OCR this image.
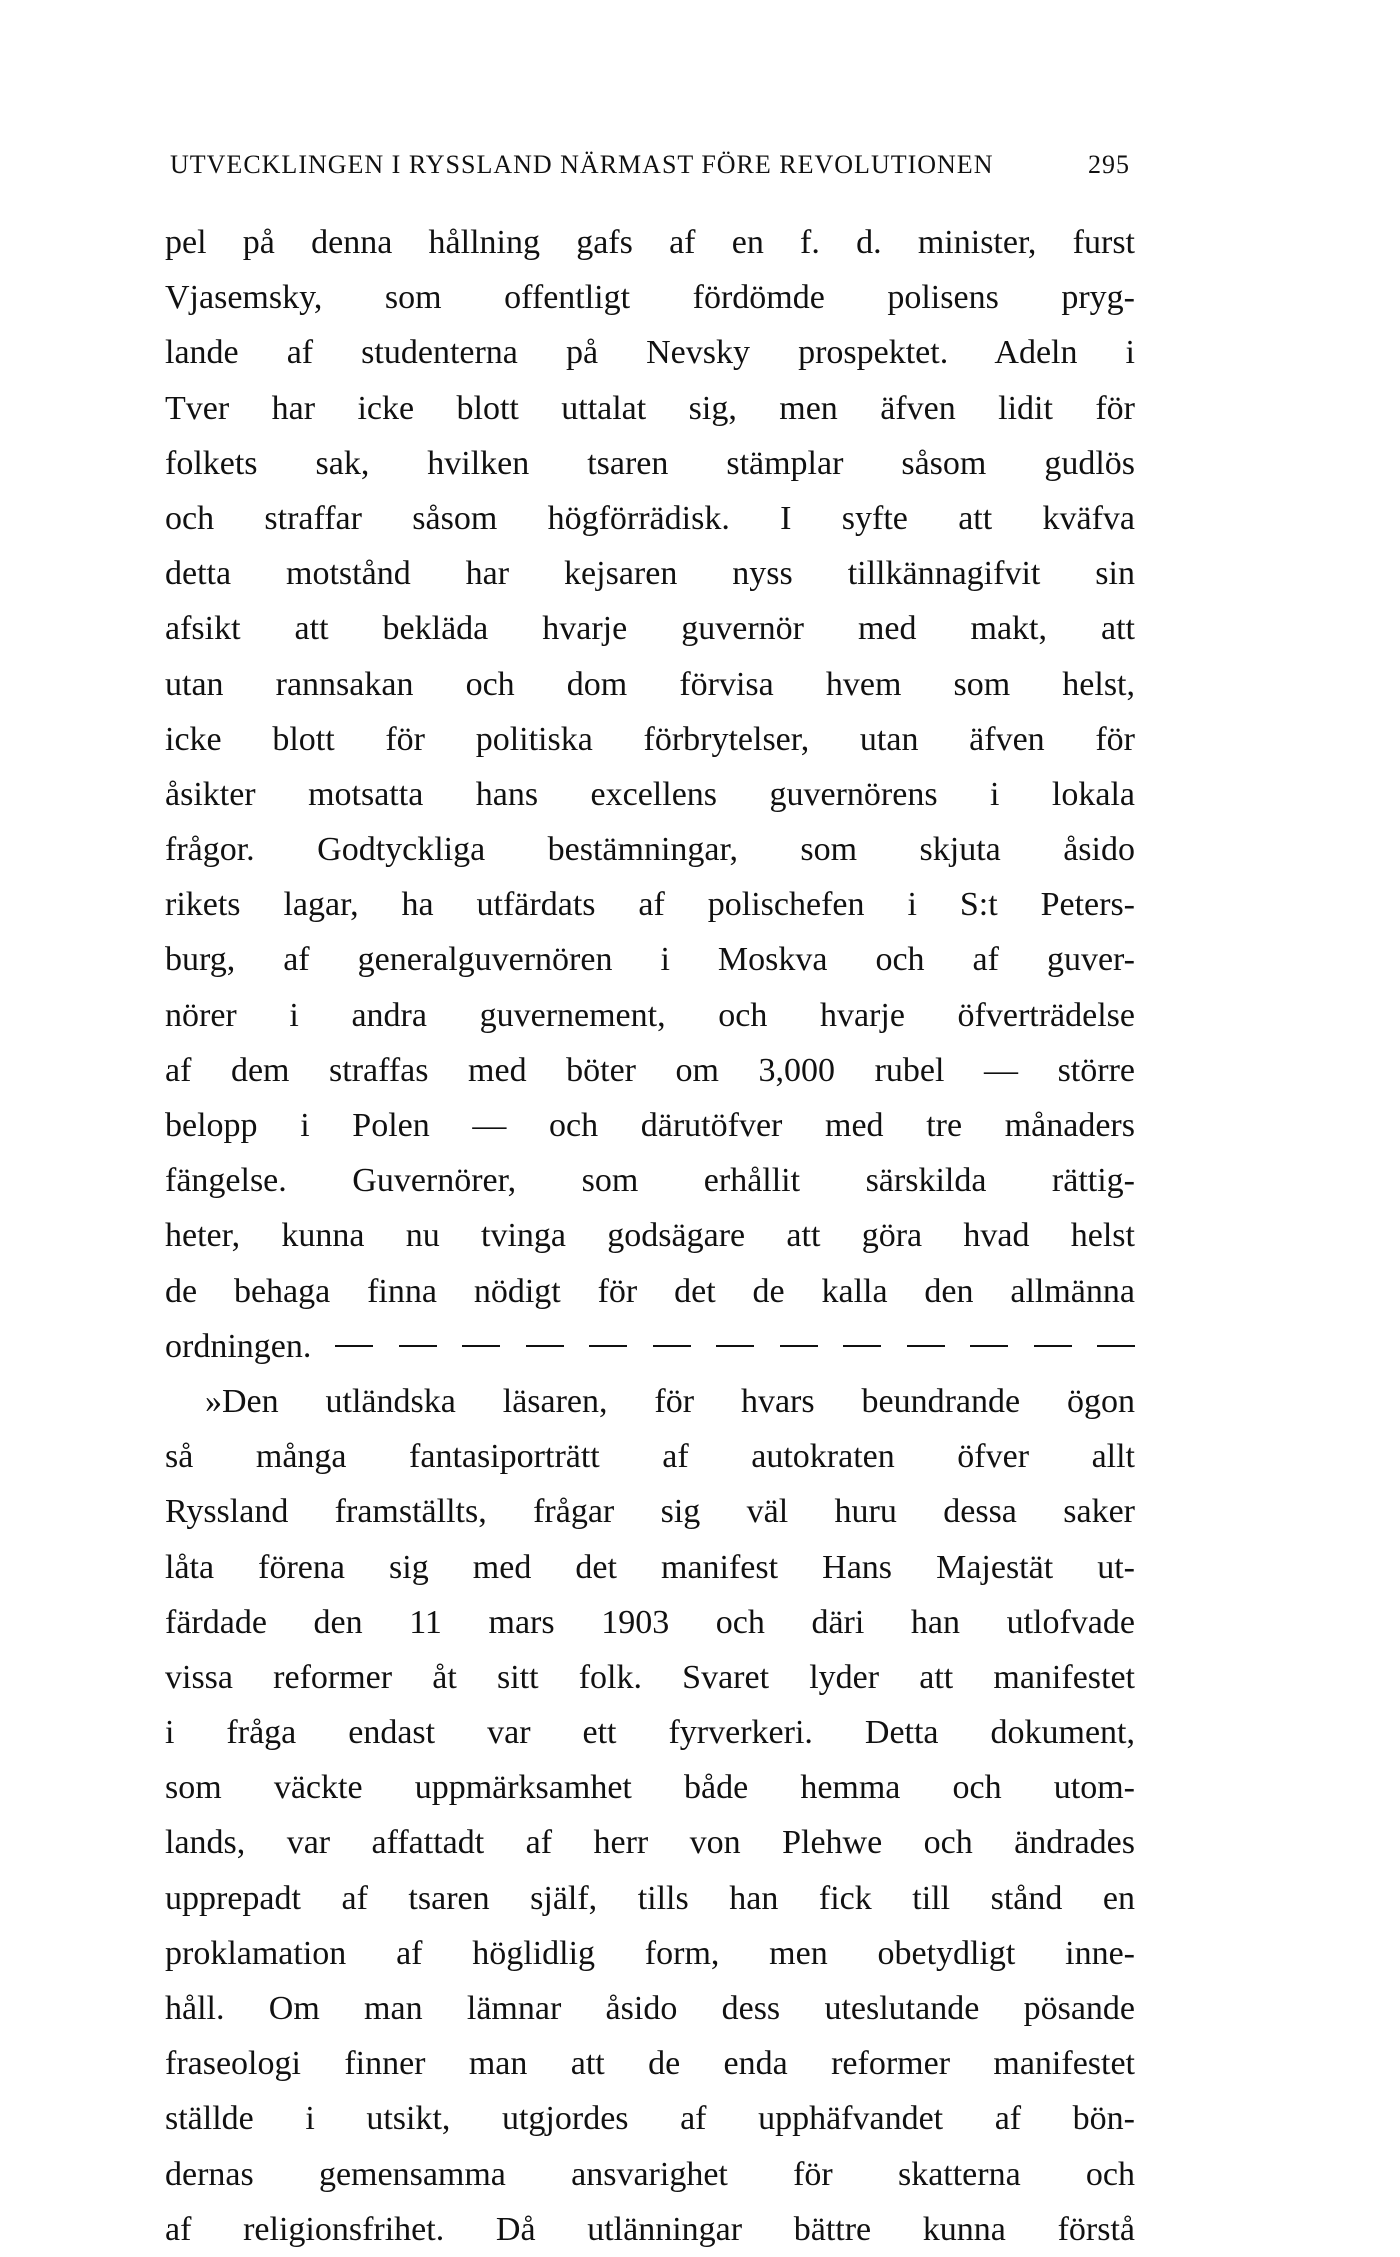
UTVECKLINGEN I RYSSLAND NÄRMAST FÖRE REVOLUTIONEN	295
pel på denna hållning gafs af en f. d. minister, furst
Vjasemsky, som offentligt fördömde polisens pryg-
lande af studenterna på Nevsky prospektet. Adeln i
Tver har icke blott uttalat sig, men äfven lidit för
folkets sak, hvilken tsaren stämplar såsom gudlös
och straffar såsom högförrädisk. I syfte att kväfva
detta motstånd har kejsaren nyss tillkännagifvit sin
afsikt att bekläda hvarje guvernör med makt, att
utan rannsakan och dom förvisa hvem som helst,
icke blott för politiska förbrytelser, utan äfven för
åsikter motsatta hans excellens guvernörens i lokala
frågor. Godtyckliga bestämningar, som skjuta åsido
rikets lagar, ha utfärdats af polischefen i S:t Peters-
burg, af generalguvernören i Moskva och af guver-
nörer i andra guvernement, och hvarje öfverträdelse
af dem straffas med böter om 3,000 rubel — större
belopp i Polen — och därutöfver med tre månaders
fängelse. Guvernörer, som erhållit särskilda rättig-
heter, kunna nu tvinga godsägare att göra hvad helst
de behaga finna nödigt för det de kalla den allmänna
ordningen.
»Den utländska läsaren, för hvars beundrande ögon
så många fantasiporträtt af autokraten öfver allt
Ryssland framställts, frågar sig väl huru dessa saker
låta förena sig med det manifest Hans Majestät ut-
färdade den 11 mars 1903 och däri han utlofvade
vissa reformer åt sitt folk. Svaret lyder att manifestet
i fråga endast var ett fyrverkeri. Detta dokument,
som väckte uppmärksamhet både hemma och utom-
lands, var affattadt af herr von Plehwe och ändrades
upprepadt af tsaren själf, tills han fick till stånd en
proklamation af höglidlig form, men obetydligt inne-
håll. Om man lämnar åsido dess uteslutande pösande
fraseologi finner man att de enda reformer manifestet
ställde i utsikt, utgjordes af upphäfvandet af bön-
dernas gemensamma ansvarighet för skatterna och
af religionsfrihet. Då utlänningar bättre kunna förstå
